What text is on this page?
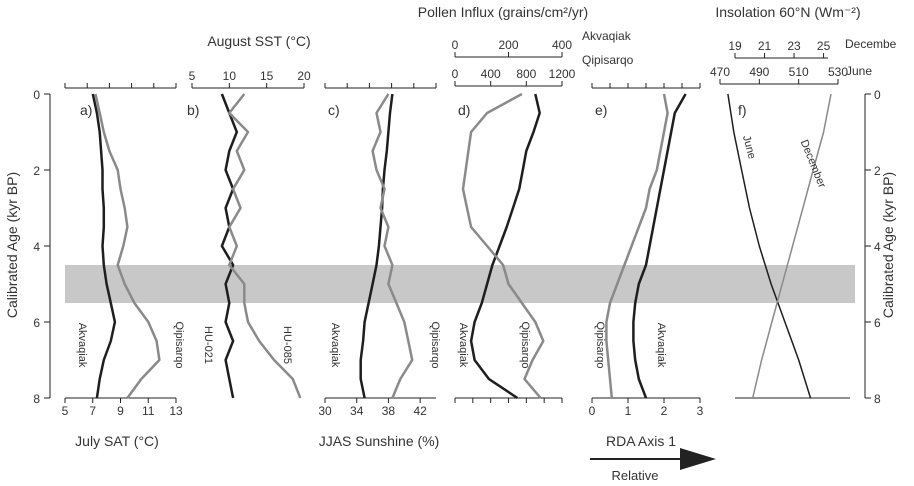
5 7 9 11 13
5 10 15 20
30 34 38 42
0	200	400
0 400 800 1200
0 1 2 3
19 21 23 25
470 490 510 530
0
2
4
6
8
0
2
4
6
8
Calibrated Age (kyr BP)	Calibrated Age (kyr BP)
August SST (°C)
Pollen Influx (grains/cm²/yr)	Insolation 60°N (Wm⁻²)
Akvaqiak
Qipisarqo
Decembe
June
July SAT (°C)	JJAS Sunshine (%)	RDA Axis 1
Relative
a)	b)	c)	d)	e)	f)
Akvaqiak	Qipisarqo HU-021	HU-085	Akvaqiak	Qipisarqo Akvaqiak	Qipisarqo	Qipisarqo	Akvaqiak
June	December
